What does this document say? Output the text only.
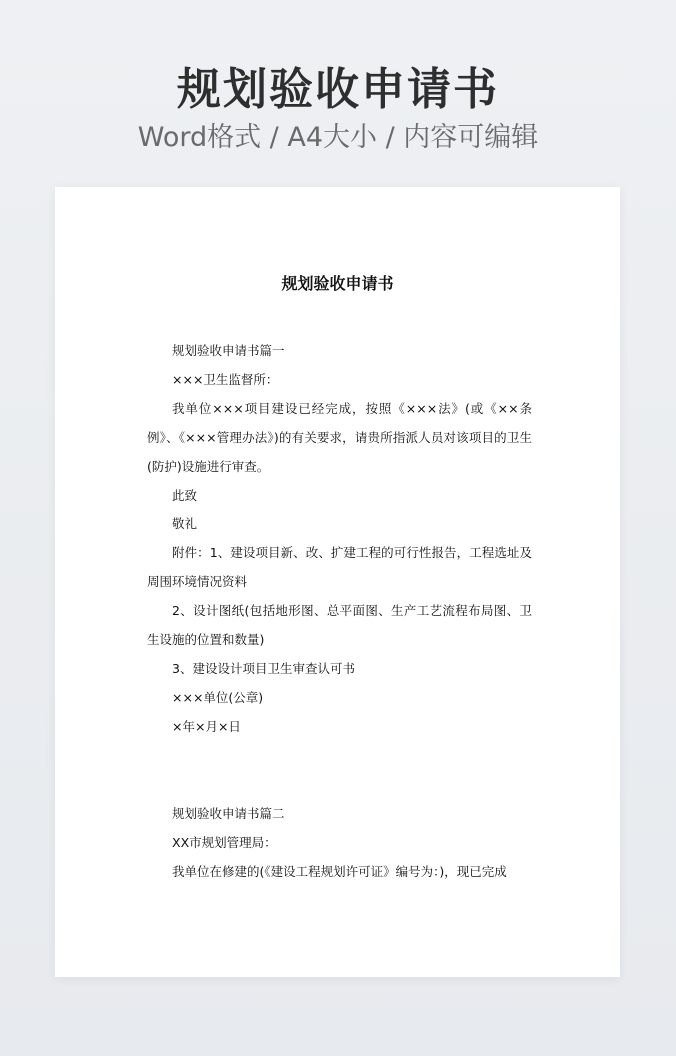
规划验收申请书
Word格式 / A4大小 / 内容可编辑
规划验收申请书

规划验收申请书篇一

×××卫生监督所：

我单位×××项目建设已经完成，按照《×××法》(或《××条例》、《×××管理办法》)的有关要求，请贵所指派人员对该项目的卫生(防护)设施进行审查。

此致

敬礼

附件：1、建设项目新、改、扩建工程的可行性报告，工程选址及周围环境情况资料

2、设计图纸(包括地形图、总平面图、生产工艺流程布局图、卫生设施的位置和数量)

3、建设设计项目卫生审查认可书

×××单位(公章)

×年×月×日

规划验收申请书篇二

XX市规划管理局：

我单位在修建的(《建设工程规划许可证》编号为：)，现已完成
